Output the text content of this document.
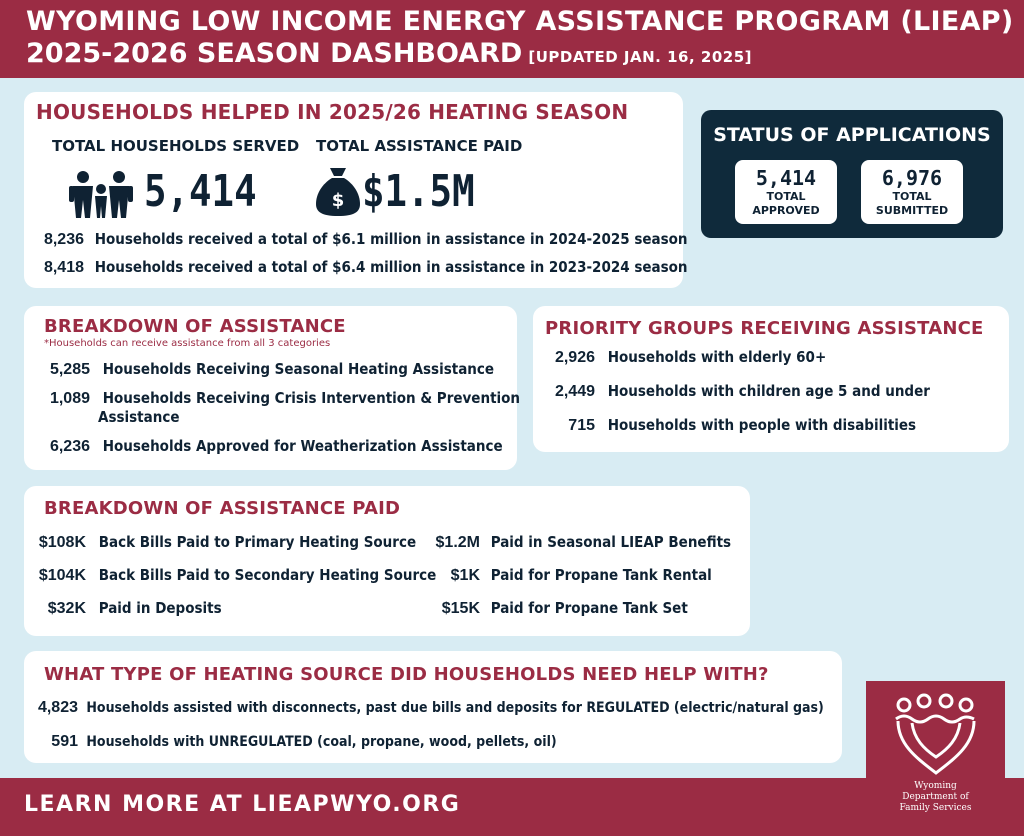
WYOMING LOW INCOME ENERGY ASSISTANCE PROGRAM (LIEAP)
2025-2026 SEASON DASHBOARD [UPDATED JAN. 16, 2025]
HOUSEHOLDS HELPED IN 2025/26 HEATING SEASON
TOTAL HOUSEHOLDS SERVED TOTAL ASSISTANCE PAID
5,414	$ $1.5M
8,236 Households received a total of $6.1 million in assistance in 2024-2025 season
8,418 Households received a total of $6.4 million in assistance in 2023-2024 season
STATUS OF APPLICATIONS
5,414
TOTAL
APPROVED
6,976
TOTAL
SUBMITTED
BREAKDOWN OF ASSISTANCE
*Households can receive assistance from all 3 categories
5,285 Households Receiving Seasonal Heating Assistance
1,089 Households Receiving Crisis Intervention & Prevention
Assistance
6,236 Households Approved for Weatherization Assistance
PRIORITY GROUPS RECEIVING ASSISTANCE
2,926 Households with elderly 60+
2,449 Households with children age 5 and under
715 Households with people with disabilities
BREAKDOWN OF ASSISTANCE PAID
$108K Back Bills Paid to Primary Heating Source
$104K Back Bills Paid to Secondary Heating Source
$32K Paid in Deposits
$1.2M Paid in Seasonal LIEAP Benefits
$1K Paid for Propane Tank Rental
$15K Paid for Propane Tank Set
WHAT TYPE OF HEATING SOURCE DID HOUSEHOLDS NEED HELP WITH?
4,823 Households assisted with disconnects, past due bills and deposits for REGULATED (electric/natural gas)
591 Households with UNREGULATED (coal, propane, wood, pellets, oil)
LEARN MORE AT LIEAPWYO.ORG
Wyoming
Department of
Family Services
